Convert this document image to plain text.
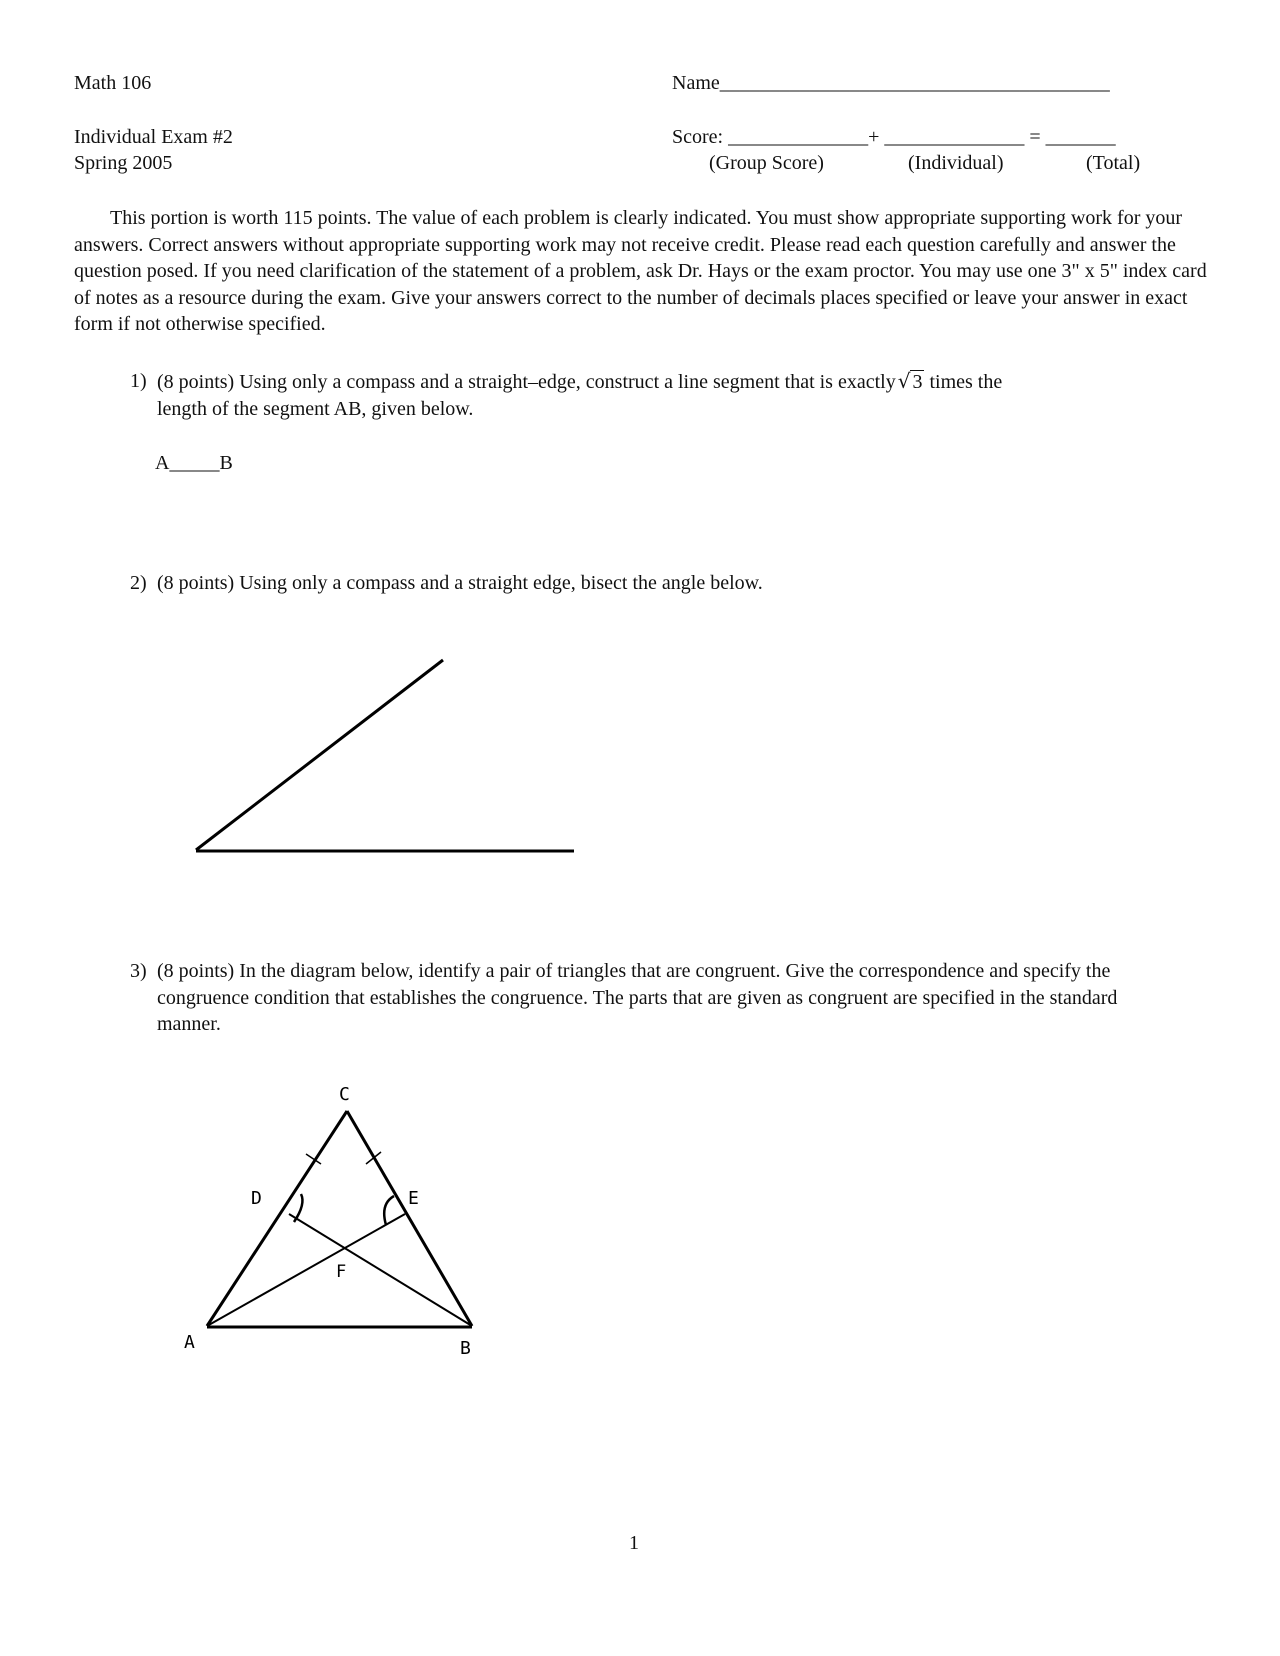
Math 106	Name_______________________________________
Individual Exam #2
Spring 2005
Score: ______________+ ______________ = _______
(Group Score)	(Individual)	(Total)
This portion is worth 115 points. The value of each problem is clearly indicated. You must show appropriate supporting work for your answers. Correct answers without appropriate supporting work may not receive credit. Please read each question carefully and answer the question posed. If you need clarification of the statement of a problem, ask Dr. Hays or the exam proctor. You may use one 3" x 5" index card of notes as a resource during the exam. Give your answers correct to the number of decimals places specified or leave your answer in exact form if not otherwise specified.
1) (8 points) Using only a compass and a straight–edge, construct a line segment that is exactly √ 3 times the
length of the segment AB, given below.
A_____B
2) (8 points) Using only a compass and a straight edge, bisect the angle below.
3) (8 points) In the diagram below, identify a pair of triangles that are congruent. Give the correspondence and specify the congruence condition that establishes the congruence. The parts that are given as congruent are specified in the standard manner.
C
D	E
F
A	B
1
